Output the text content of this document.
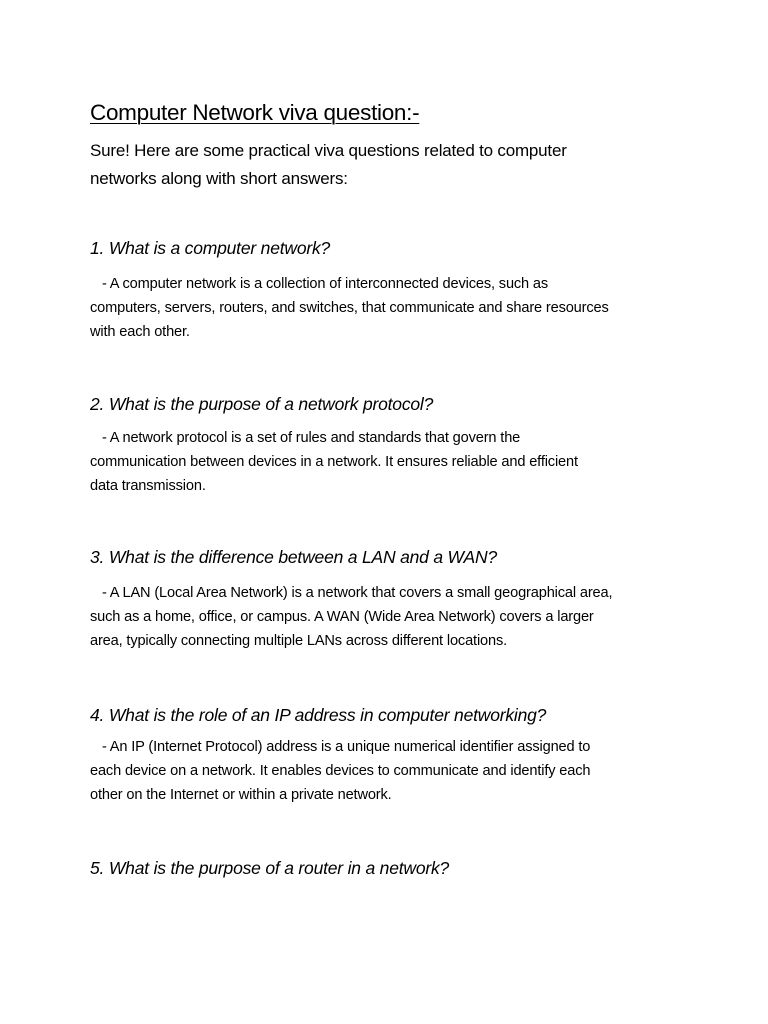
Computer Network viva question:-
Sure! Here are some practical viva questions related to computer
networks along with short answers:
1. What is a computer network?
- A computer network is a collection of interconnected devices, such as
computers, servers, routers, and switches, that communicate and share resources
with each other.
2. What is the purpose of a network protocol?
- A network protocol is a set of rules and standards that govern the
communication between devices in a network. It ensures reliable and efficient
data transmission.
3. What is the difference between a LAN and a WAN?
- A LAN (Local Area Network) is a network that covers a small geographical area,
such as a home, office, or campus. A WAN (Wide Area Network) covers a larger
area, typically connecting multiple LANs across different locations.
4. What is the role of an IP address in computer networking?
- An IP (Internet Protocol) address is a unique numerical identifier assigned to
each device on a network. It enables devices to communicate and identify each
other on the Internet or within a private network.
5. What is the purpose of a router in a network?
